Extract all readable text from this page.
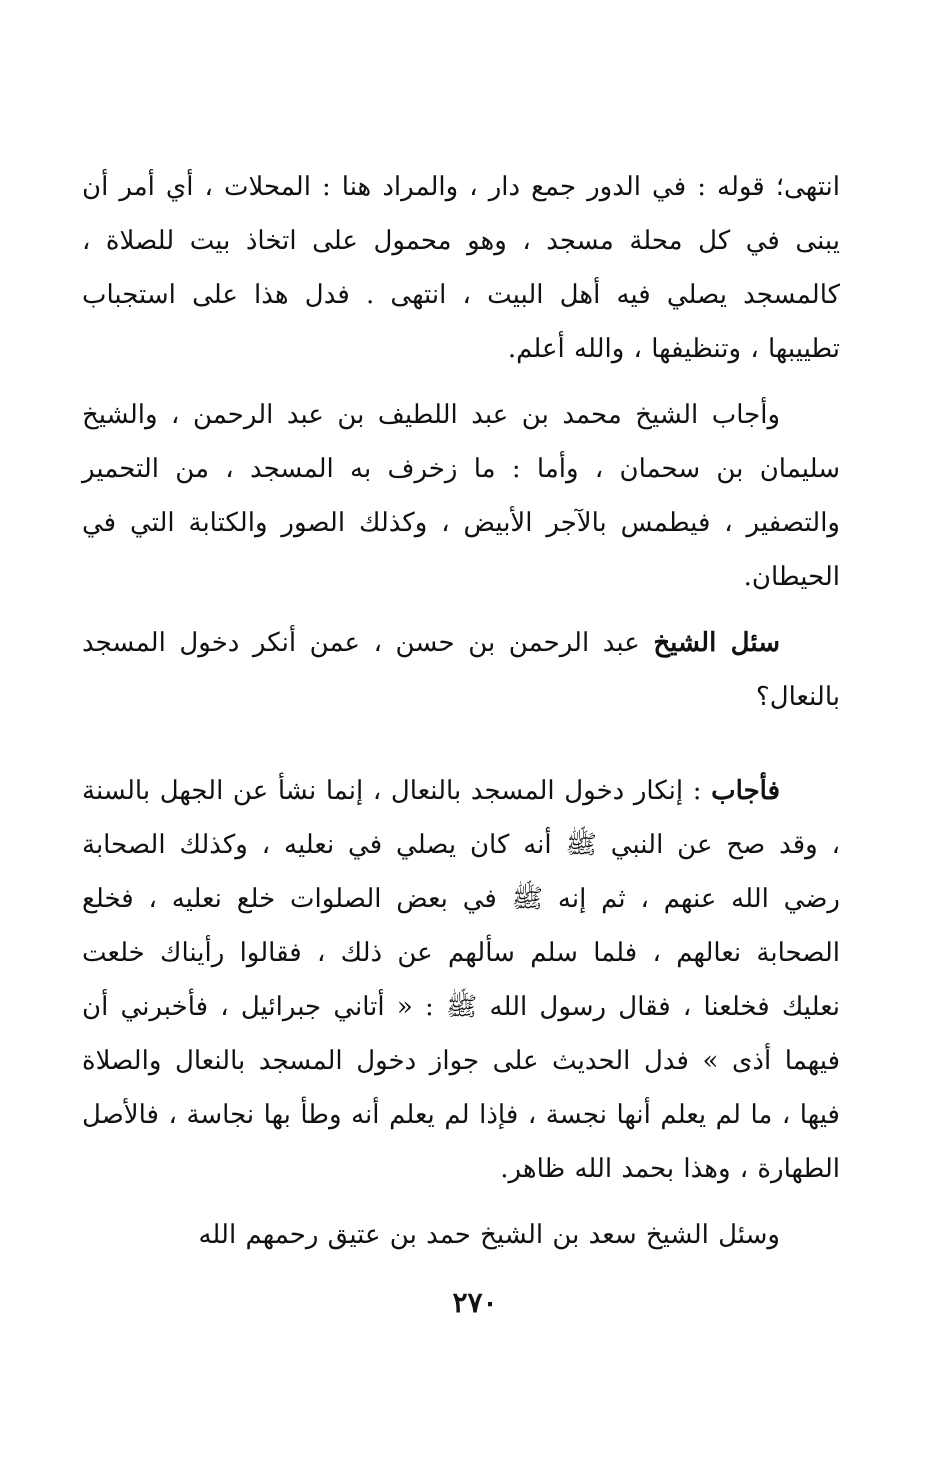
انتهى؛ قوله : في الدور جمع دار ، والمراد هنا : المحلات ، أي أمر أن يبنى في كل محلة مسجد ، وهو محمول على اتخاذ بيت للصلاة ، كالمسجد يصلي فيه أهل البيت ، انتهى . فدل هذا على استجباب تطييبها ، وتنظيفها ، والله أعلم.

وأجاب الشيخ محمد بن عبد اللطيف بن عبد الرحمن ، والشيخ سليمان بن سحمان ، وأما : ما زخرف به المسجد ، من التحمير والتصفير ، فيطمس بالآجر الأبيض ، وكذلك الصور والكتابة التي في الحيطان.

سئل الشيخ عبد الرحمن بن حسن ، عمن أنكر دخول المسجد بالنعال؟

فأجاب : إنكار دخول المسجد بالنعال ، إنما نشأ عن الجهل بالسنة ، وقد صح عن النبي ﷺ أنه كان يصلي في نعليه ، وكذلك الصحابة رضي الله عنهم ، ثم إنه ﷺ في بعض الصلوات خلع نعليه ، فخلع الصحابة نعالهم ، فلما سلم سألهم عن ذلك ، فقالوا رأيناك خلعت نعليك فخلعنا ، فقال رسول الله ﷺ : « أتاني جبرائيل ، فأخبرني أن فيهما أذى » فدل الحديث على جواز دخول المسجد بالنعال والصلاة فيها ، ما لم يعلم أنها نجسة ، فإذا لم يعلم أنه وطأ بها نجاسة ، فالأصل الطهارة ، وهذا بحمد الله ظاهر.

وسئل الشيخ سعد بن الشيخ حمد بن عتيق رحمهم الله

٢٧٠
